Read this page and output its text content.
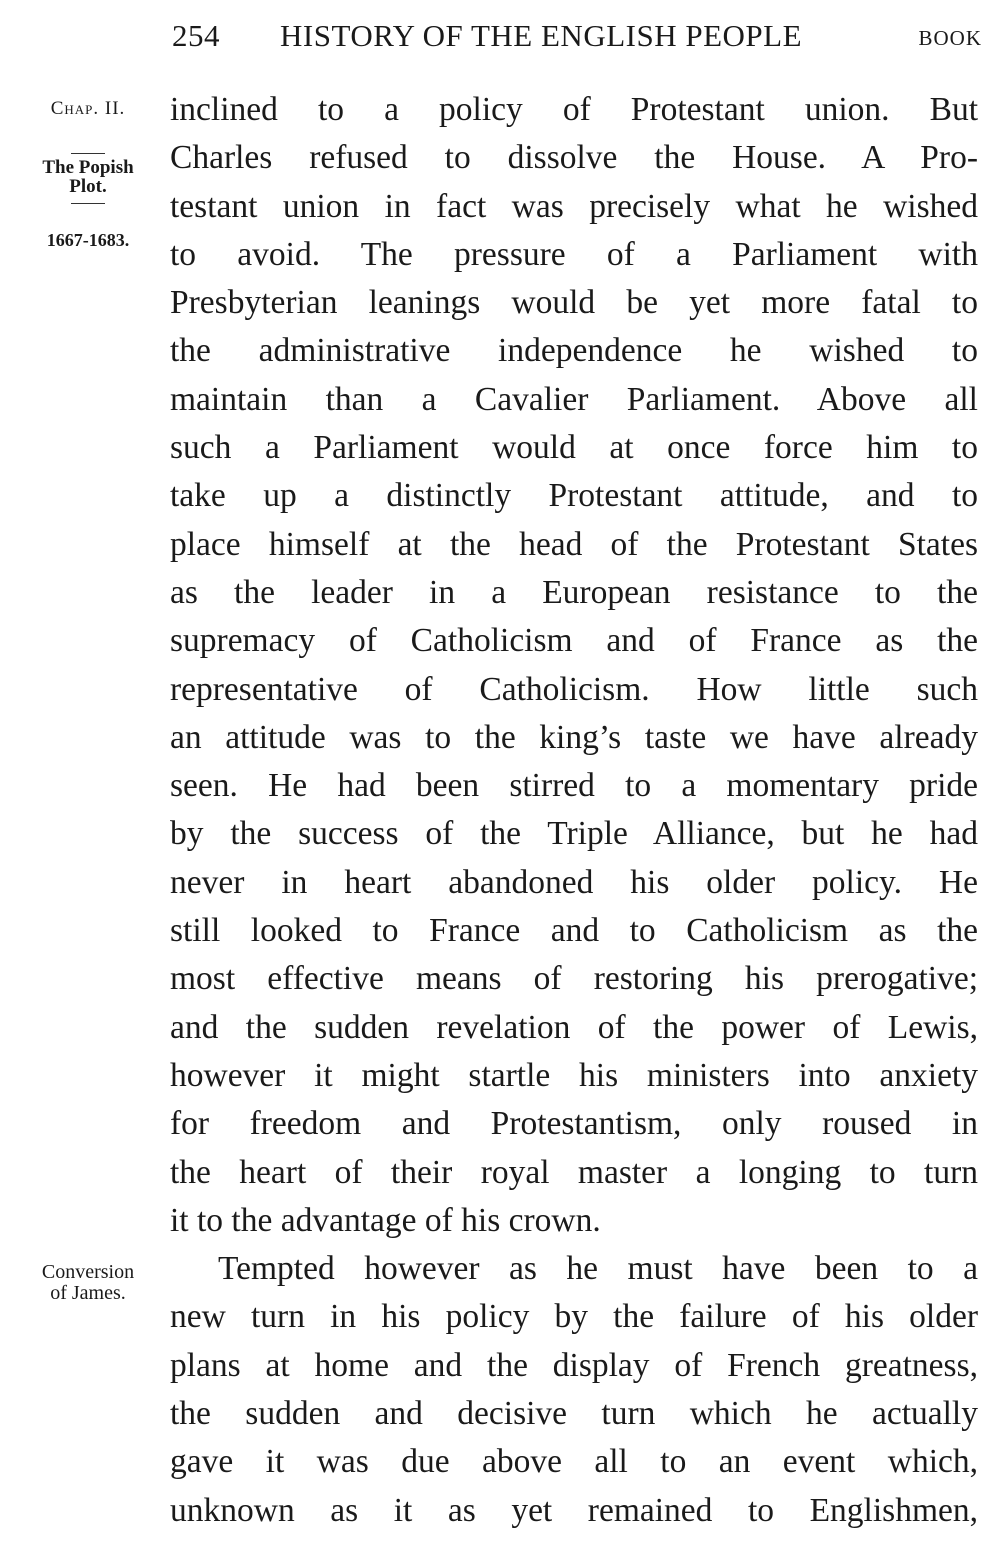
254 HISTORY OF THE ENGLISH PEOPLE	BOOK
Chap. II.
The Popish
Plot.
1667-1683.
Conversion
of James.
inclined to a policy of Protestant union. But
Charles refused to dissolve the House. A Pro-
testant union in fact was precisely what he wished
to avoid. The pressure of a Parliament with
Presbyterian leanings would be yet more fatal to
the administrative independence he wished to
maintain than a Cavalier Parliament. Above all
such a Parliament would at once force him to
take up a distinctly Protestant attitude, and to
place himself at the head of the Protestant States
as the leader in a European resistance to the
supremacy of Catholicism and of France as the
representative of Catholicism. How little such
an attitude was to the king’s taste we have already
seen. He had been stirred to a momentary pride
by the success of the Triple Alliance, but he had
never in heart abandoned his older policy. He
still looked to France and to Catholicism as the
most effective means of restoring his prerogative;
and the sudden revelation of the power of Lewis,
however it might startle his ministers into anxiety
for freedom and Protestantism, only roused in
the heart of their royal master a longing to turn
it to the advantage of his crown.
Tempted however as he must have been to a
new turn in his policy by the failure of his older
plans at home and the display of French greatness,
the sudden and decisive turn which he actually
gave it was due above all to an event which,
unknown as it as yet remained to Englishmen,
